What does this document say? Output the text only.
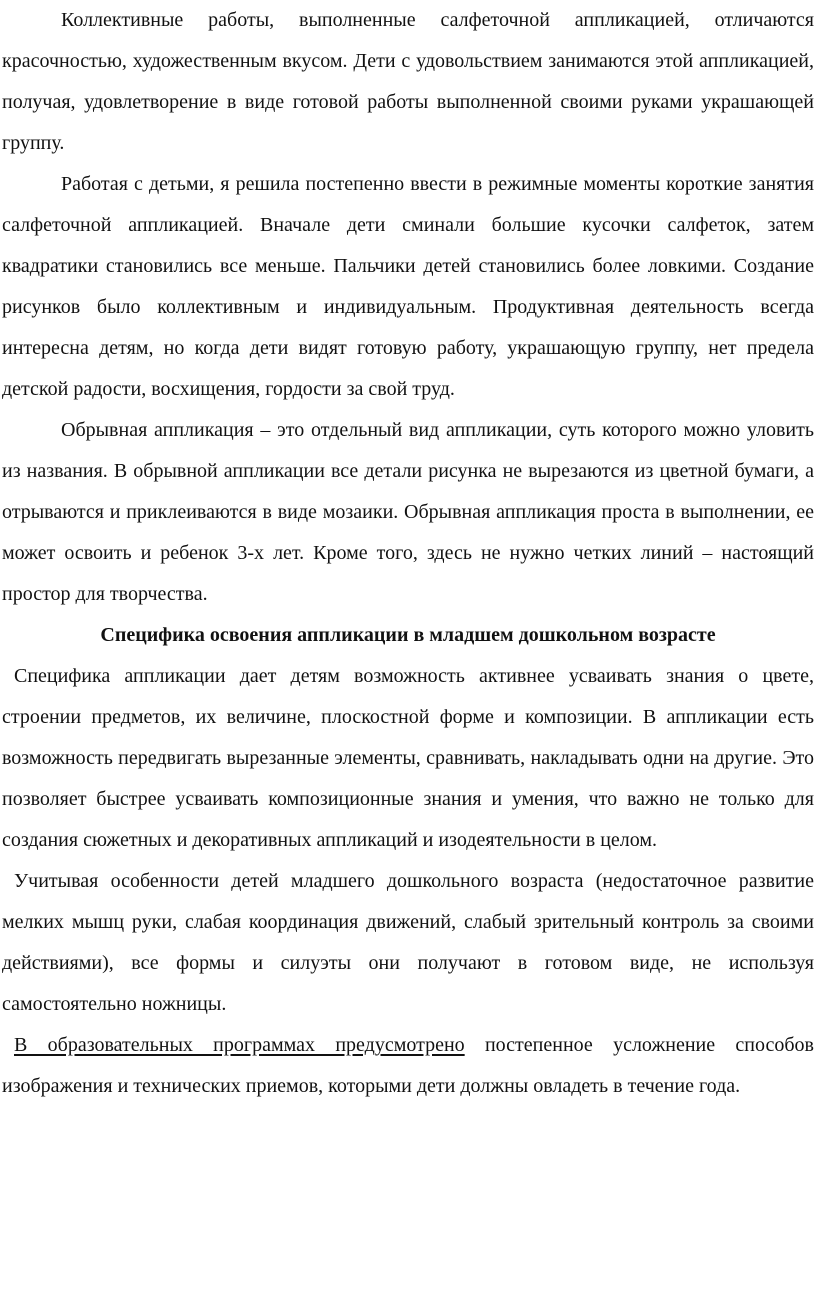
Коллективные работы, выполненные салфеточной аппликацией, отличаются красочностью, художественным вкусом. Дети с удовольствием занимаются этой аппликацией, получая, удовлетворение в виде готовой работы выполненной своими руками украшающей группу.

Работая с детьми, я решила постепенно ввести в режимные моменты короткие занятия салфеточной аппликацией. Вначале дети сминали большие кусочки салфеток, затем квадратики становились все меньше. Пальчики детей становились более ловкими. Создание рисунков было коллективным и индивидуальным. Продуктивная деятельность всегда интересна детям, но когда дети видят готовую работу, украшающую группу, нет предела детской радости, восхищения, гордости за свой труд.

Обрывная аппликация – это отдельный вид аппликации, суть которого можно уловить из названия. В обрывной аппликации все детали рисунка не вырезаются из цветной бумаги, а отрываются и приклеиваются в виде мозаики. Обрывная аппликация проста в выполнении, ее может освоить и ребенок 3-х лет. Кроме того, здесь не нужно четких линий – настоящий простор для творчества.

Специфика освоения аппликации в младшем дошкольном возрасте

Специфика аппликации дает детям возможность активнее усваивать знания о цвете, строении предметов, их величине, плоскостной форме и композиции. В аппликации есть возможность передвигать вырезанные элементы, сравнивать, накладывать одни на другие. Это позволяет быстрее усваивать композиционные знания и умения, что важно не только для создания сюжетных и декоративных аппликаций и изодеятельности в целом.

Учитывая особенности детей младшего дошкольного возраста (недостаточное развитие мелких мышц руки, слабая координация движений, слабый зрительный контроль за своими действиями), все формы и силуэты они получают в готовом виде, не используя самостоятельно ножницы.

В образовательных программах предусмотрено постепенное усложнение способов изображения и технических приемов, которыми дети должны овладеть в течение года.
